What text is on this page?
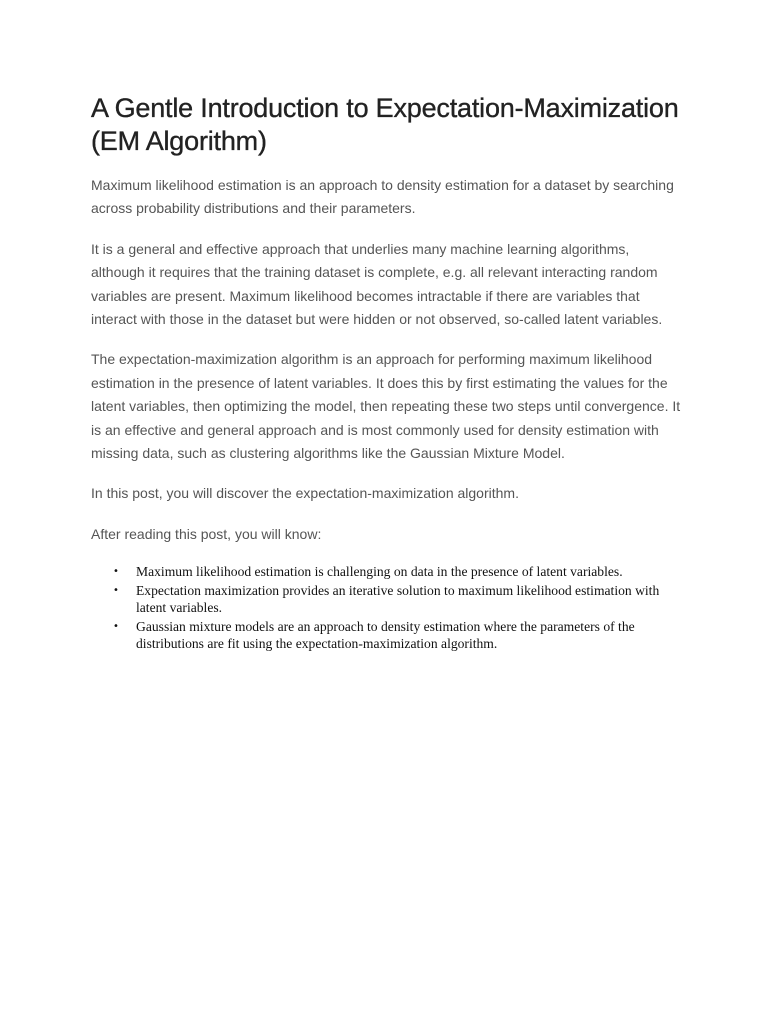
A Gentle Introduction to Expectation-Maximization (EM Algorithm)

Maximum likelihood estimation is an approach to density estimation for a dataset by searching across probability distributions and their parameters.

It is a general and effective approach that underlies many machine learning algorithms, although it requires that the training dataset is complete, e.g. all relevant interacting random variables are present. Maximum likelihood becomes intractable if there are variables that interact with those in the dataset but were hidden or not observed, so-called latent variables.

The expectation-maximization algorithm is an approach for performing maximum likelihood estimation in the presence of latent variables. It does this by first estimating the values for the latent variables, then optimizing the model, then repeating these two steps until convergence. It is an effective and general approach and is most commonly used for density estimation with missing data, such as clustering algorithms like the Gaussian Mixture Model.

In this post, you will discover the expectation-maximization algorithm.

After reading this post, you will know:

• Maximum likelihood estimation is challenging on data in the presence of latent variables.
• Expectation maximization provides an iterative solution to maximum likelihood estimation with latent variables.
• Gaussian mixture models are an approach to density estimation where the parameters of the distributions are fit using the expectation-maximization algorithm.
